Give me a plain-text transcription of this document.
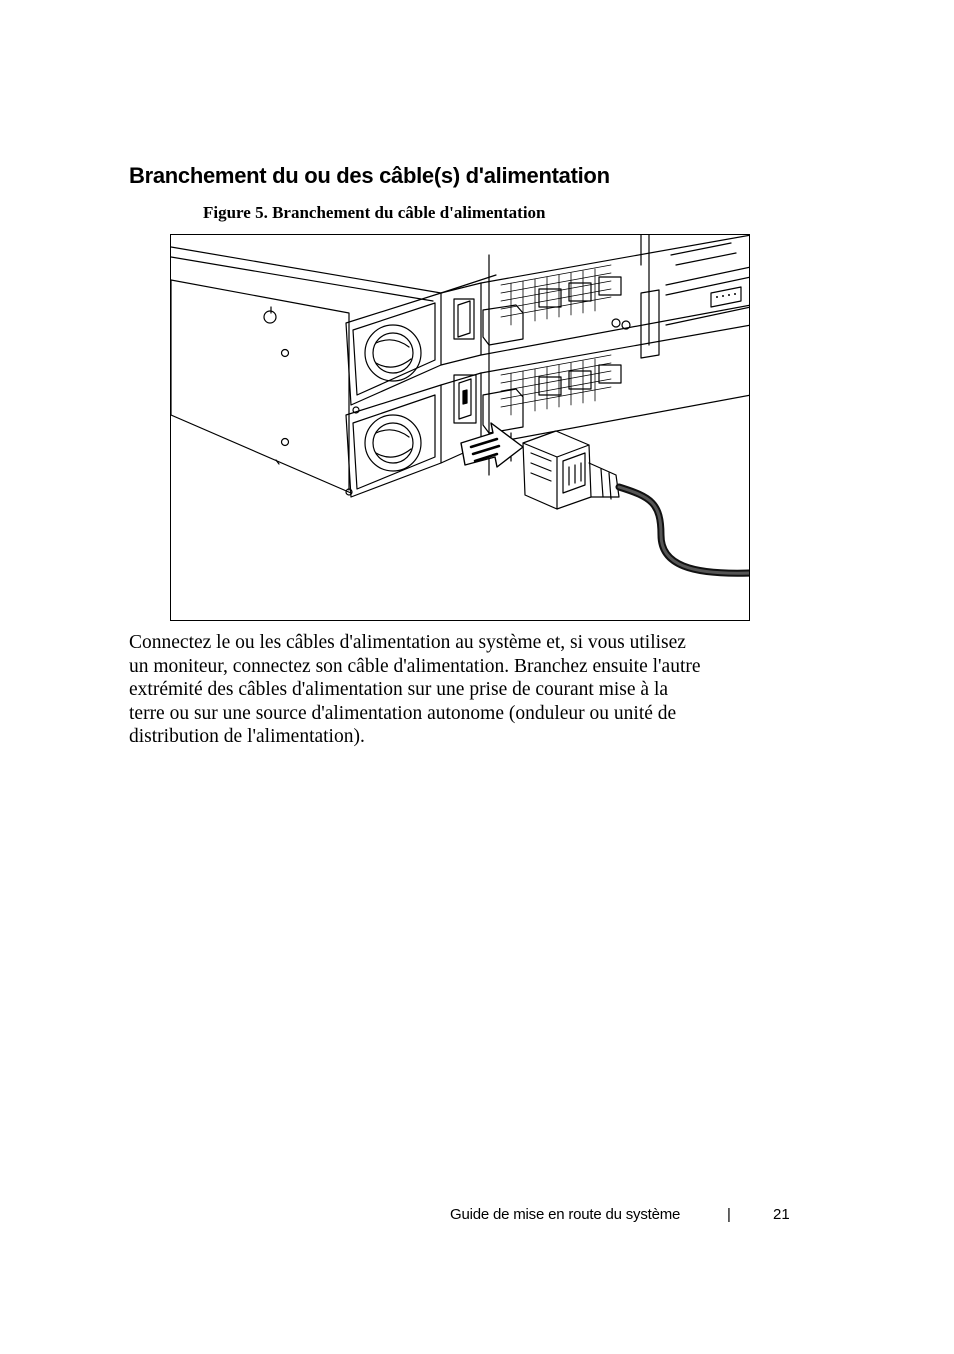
Branchement du ou des câble(s) d'alimentation

Figure 5. Branchement du câble d'alimentation

Connectez le ou les câbles d'alimentation au système et, si vous utilisez
un moniteur, connectez son câble d'alimentation. Branchez ensuite l'autre
extrémité des câbles d'alimentation sur une prise de courant mise à la
terre ou sur une source d'alimentation autonome (onduleur ou unité de
distribution de l'alimentation).

Guide de mise en route du système	|	21
